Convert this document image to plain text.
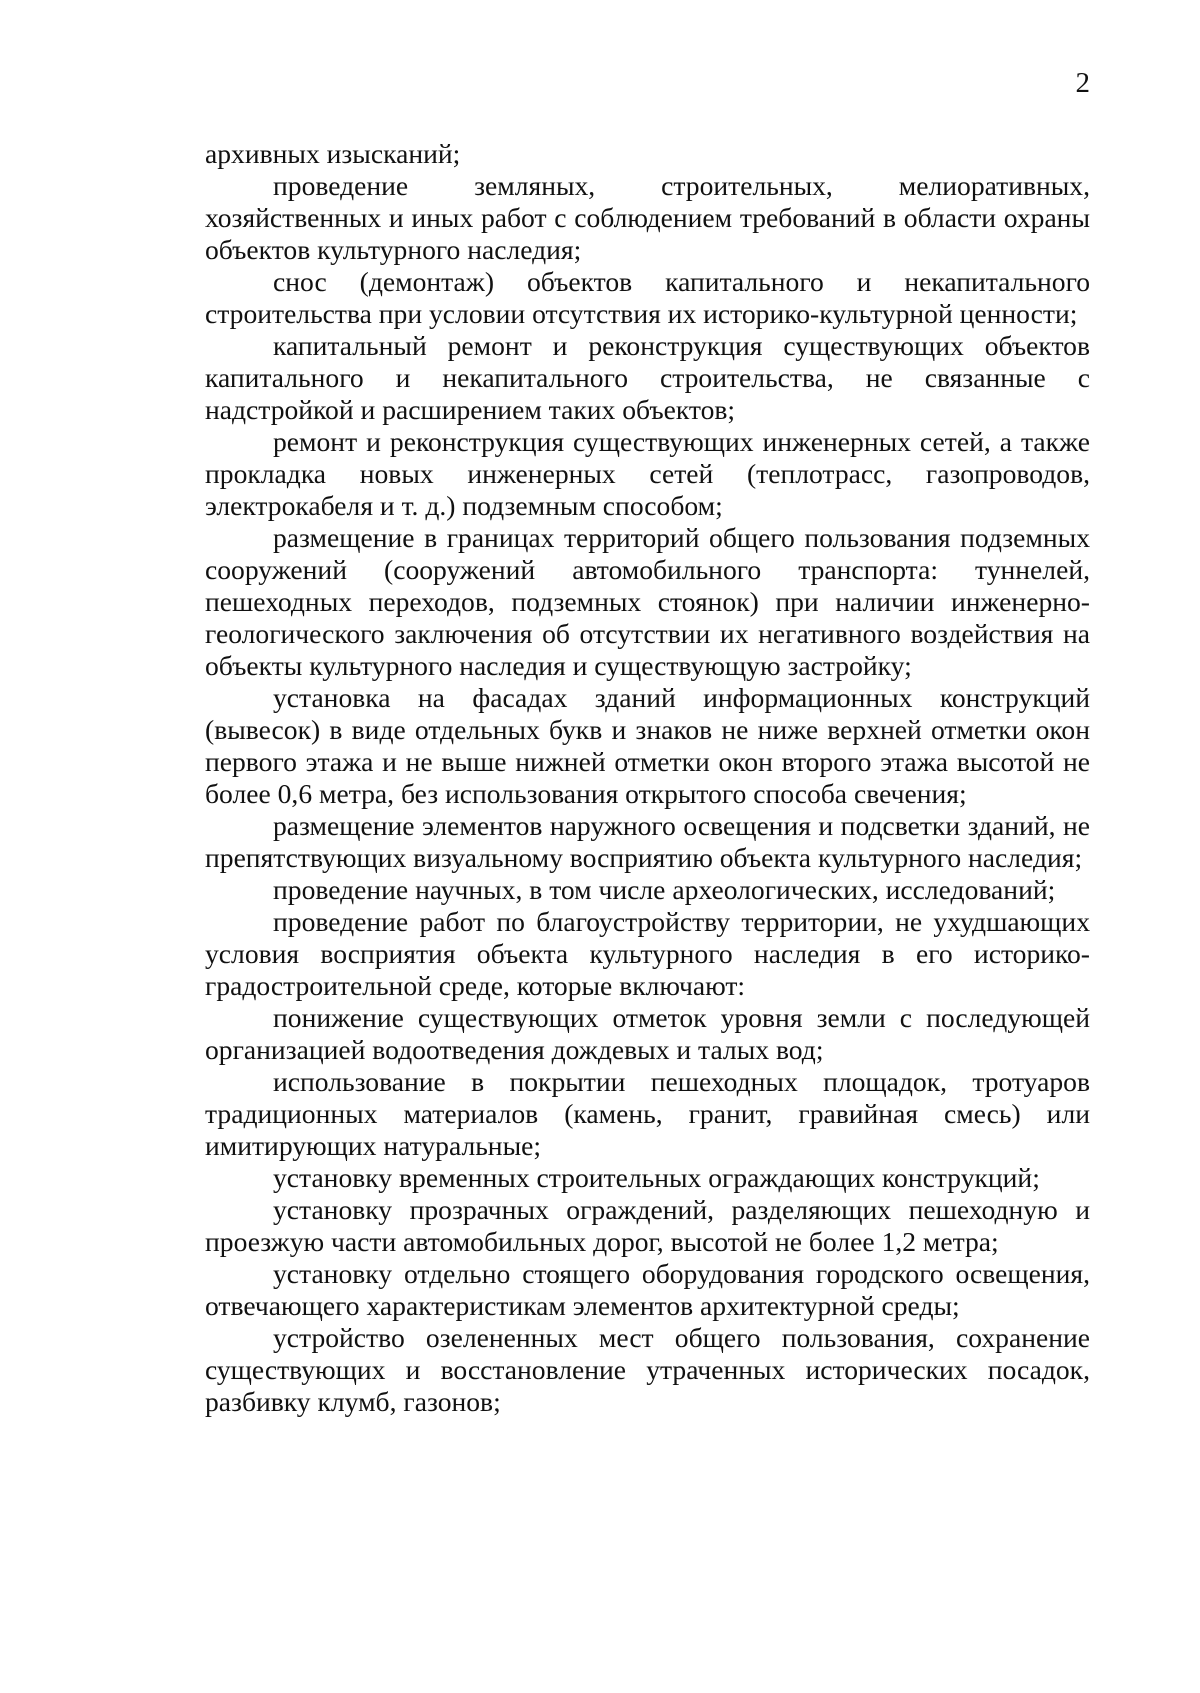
2

архивных изысканий;

проведение земляных, строительных, мелиоративных, хозяйственных и иных работ с соблюдением требований в области охраны объектов культурного наследия;

снос (демонтаж) объектов капитального и некапитального строительства при условии отсутствия их историко-культурной ценности;

капитальный ремонт и реконструкция существующих объектов капитального и некапитального строительства, не связанные с надстройкой и расширением таких объектов;

ремонт и реконструкция существующих инженерных сетей, а также прокладка новых инженерных сетей (теплотрасс, газопроводов, электрокабеля и т. д.) подземным способом;

размещение в границах территорий общего пользования подземных сооружений (сооружений автомобильного транспорта: туннелей, пешеходных переходов, подземных стоянок) при наличии инженерно-геологического заключения об отсутствии их негативного воздействия на объекты культурного наследия и существующую застройку;

установка на фасадах зданий информационных конструкций (вывесок) в виде отдельных букв и знаков не ниже верхней отметки окон первого этажа и не выше нижней отметки окон второго этажа высотой не более 0,6 метра, без использования открытого способа свечения;

размещение элементов наружного освещения и подсветки зданий, не препятствующих визуальному восприятию объекта культурного наследия;

проведение научных, в том числе археологических, исследований;

проведение работ по благоустройству территории, не ухудшающих условия восприятия объекта культурного наследия в его историко-градостроительной среде, которые включают:

понижение существующих отметок уровня земли с последующей организацией водоотведения дождевых и талых вод;

использование в покрытии пешеходных площадок, тротуаров традиционных материалов (камень, гранит, гравийная смесь) или имитирующих натуральные;

установку временных строительных ограждающих конструкций;

установку прозрачных ограждений, разделяющих пешеходную и проезжую части автомобильных дорог, высотой не более 1,2 метра;

установку отдельно стоящего оборудования городского освещения, отвечающего характеристикам элементов архитектурной среды;

устройство озелененных мест общего пользования, сохранение существующих и восстановление утраченных исторических посадок, разбивку клумб, газонов;
